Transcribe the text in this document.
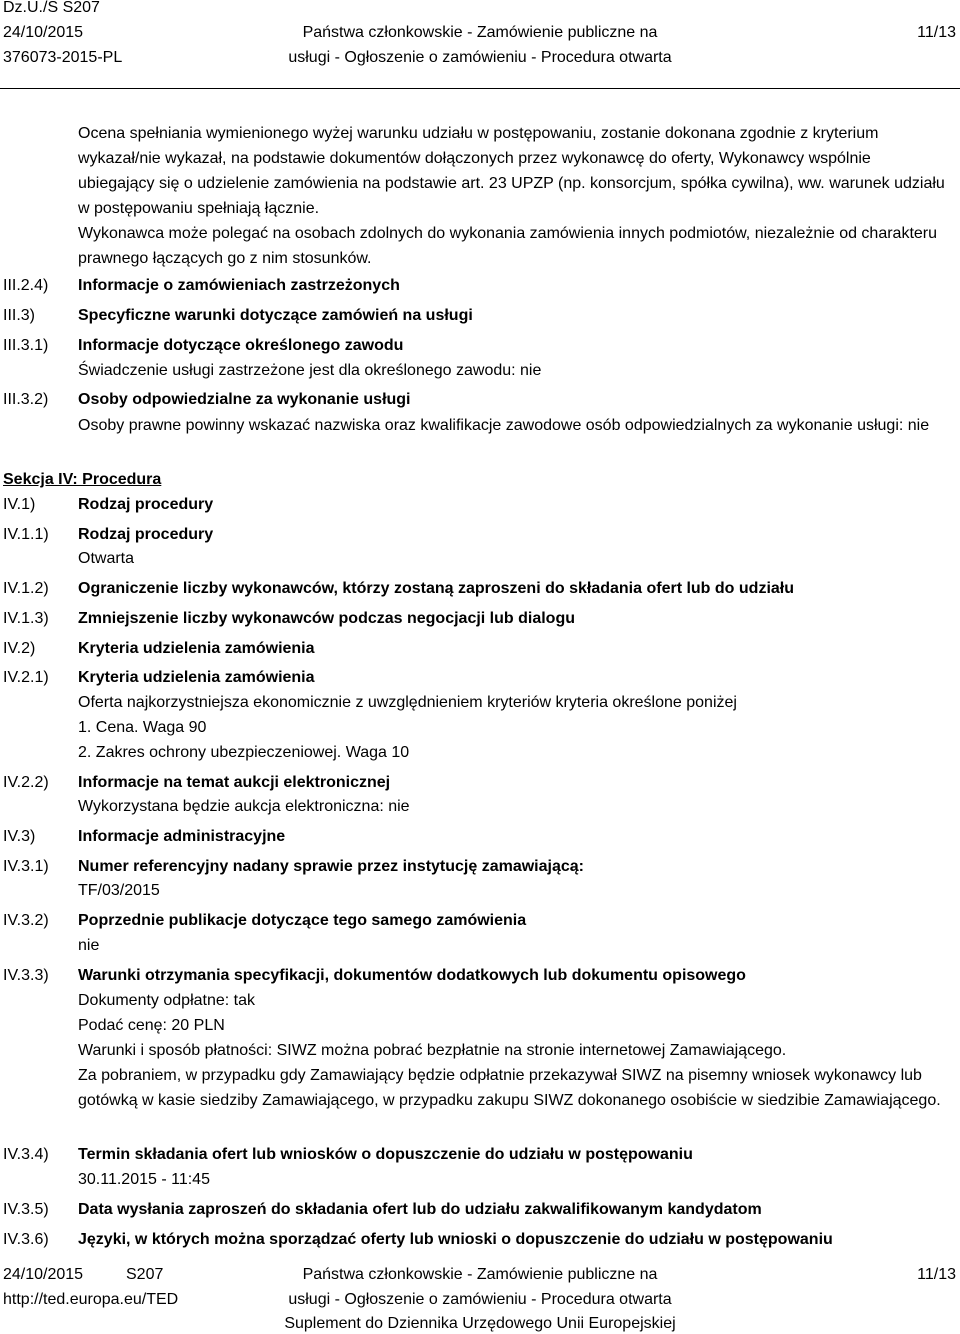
Dz.U./S S207
24/10/2015
376073-2015-PL
Państwa członkowskie - Zamówienie publiczne na
usługi - Ogłoszenie o zamówieniu - Procedura otwarta
11/13
Ocena spełniania wymienionego wyżej warunku udziału w postępowaniu, zostanie dokonana zgodnie z kryterium wykazał/nie wykazał, na podstawie dokumentów dołączonych przez wykonawcę do oferty, Wykonawcy wspólnie ubiegający się o udzielenie zamówienia na podstawie art. 23 UPZP (np. konsorcjum, spółka cywilna), ww. warunek udziału w postępowaniu spełniają łącznie.
Wykonawca może polegać na osobach zdolnych do wykonania zamówienia innych podmiotów, niezależnie od charakteru prawnego łączących go z nim stosunków.
III.2.4)	Informacje o zamówieniach zastrzeżonych
III.3)	Specyficzne warunki dotyczące zamówień na usługi
III.3.1)	Informacje dotyczące określonego zawodu
Świadczenie usługi zastrzeżone jest dla określonego zawodu: nie
III.3.2)	Osoby odpowiedzialne za wykonanie usługi
Osoby prawne powinny wskazać nazwiska oraz kwalifikacje zawodowe osób odpowiedzialnych za wykonanie usługi: nie
Sekcja IV: Procedura
IV.1)	Rodzaj procedury
IV.1.1)	Rodzaj procedury
Otwarta
IV.1.2)	Ograniczenie liczby wykonawców, którzy zostaną zaproszeni do składania ofert lub do udziału
IV.1.3)	Zmniejszenie liczby wykonawców podczas negocjacji lub dialogu
IV.2)	Kryteria udzielenia zamówienia
IV.2.1)	Kryteria udzielenia zamówienia
Oferta najkorzystniejsza ekonomicznie z uwzględnieniem kryteriów kryteria określone poniżej
1. Cena. Waga 90
2. Zakres ochrony ubezpieczeniowej. Waga 10
IV.2.2)	Informacje na temat aukcji elektronicznej
Wykorzystana będzie aukcja elektroniczna: nie
IV.3)	Informacje administracyjne
IV.3.1)	Numer referencyjny nadany sprawie przez instytucję zamawiającą:
TF/03/2015
IV.3.2)	Poprzednie publikacje dotyczące tego samego zamówienia
nie
IV.3.3)	Warunki otrzymania specyfikacji, dokumentów dodatkowych lub dokumentu opisowego
Dokumenty odpłatne: tak
Podać cenę: 20 PLN
Warunki i sposób płatności: SIWZ można pobrać bezpłatnie na stronie internetowej Zamawiającego.
Za pobraniem, w przypadku gdy Zamawiający będzie odpłatnie przekazywał SIWZ na pisemny wniosek wykonawcy lub gotówką w kasie siedziby Zamawiającego, w przypadku zakupu SIWZ dokonanego osobiście w siedzibie Zamawiającego.
IV.3.4)	Termin składania ofert lub wniosków o dopuszczenie do udziału w postępowaniu
30.11.2015 - 11:45
IV.3.5)	Data wysłania zaproszeń do składania ofert lub do udziału zakwalifikowanym kandydatom
IV.3.6)	Języki, w których można sporządzać oferty lub wnioski o dopuszczenie do udziału w postępowaniu
24/10/2015	S207
http://ted.europa.eu/TED
Państwa członkowskie - Zamówienie publiczne na
usługi - Ogłoszenie o zamówieniu - Procedura otwarta
Suplement do Dziennika Urzędowego Unii Europejskiej
11/13
